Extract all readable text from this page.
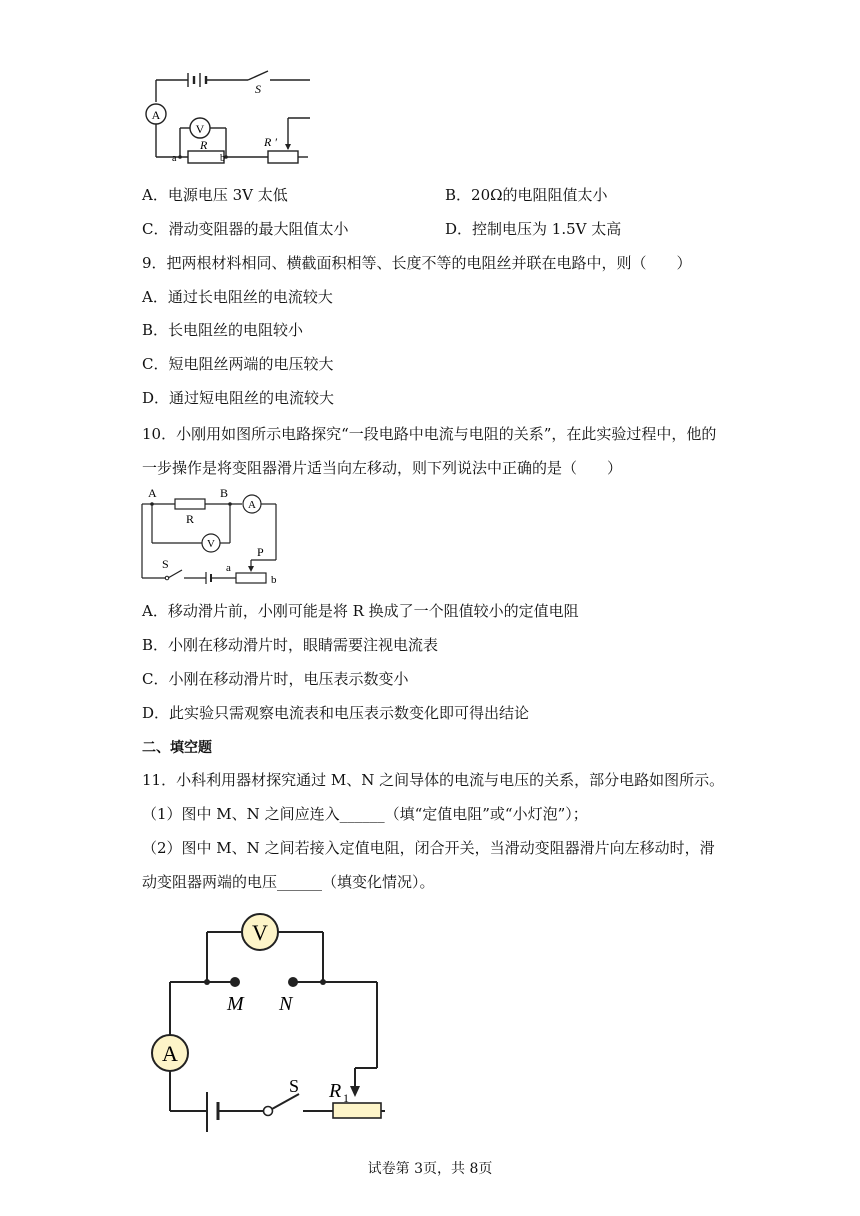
A
V
S
R	R ′
a	b
A．电源电压 3V 太低	B．20Ω的电阻阻值太小
C．滑动变阻器的最大阻值太小	D．控制电压为 1.5V 太高
9．把两根材料相同、横截面积相等、长度不等的电阻丝并联在电路中，则（　　）
A．通过长电阻丝的电流较大
B．长电阻丝的电阻较小
C．短电阻丝两端的电压较大
D．通过短电阻丝的电流较大
10．小刚用如图所示电路探究“一段电路中电流与电阻的关系”，在此实验过程中，他的
一步操作是将变阻器滑片适当向左移动，则下列说法中正确的是（　　）
A	B
R
A
V
S
P
a
b
A．移动滑片前，小刚可能是将 R 换成了一个阻值较小的定值电阻
B．小刚在移动滑片时，眼睛需要注视电流表
C．小刚在移动滑片时，电压表示数变小
D．此实验只需观察电流表和电压表示数变化即可得出结论
二、填空题
11．小科利用器材探究通过 M、N 之间导体的电流与电压的关系，部分电路如图所示。
（1）图中 M、N 之间应连入______（填“定值电阻”或“小灯泡”）；
（2）图中 M、N 之间若接入定值电阻，闭合开关，当滑动变阻器滑片向左移动时，滑
动变阻器两端的电压______（填变化情况）。
V
A
M N
S R 1
试卷第 3页，共 8页
